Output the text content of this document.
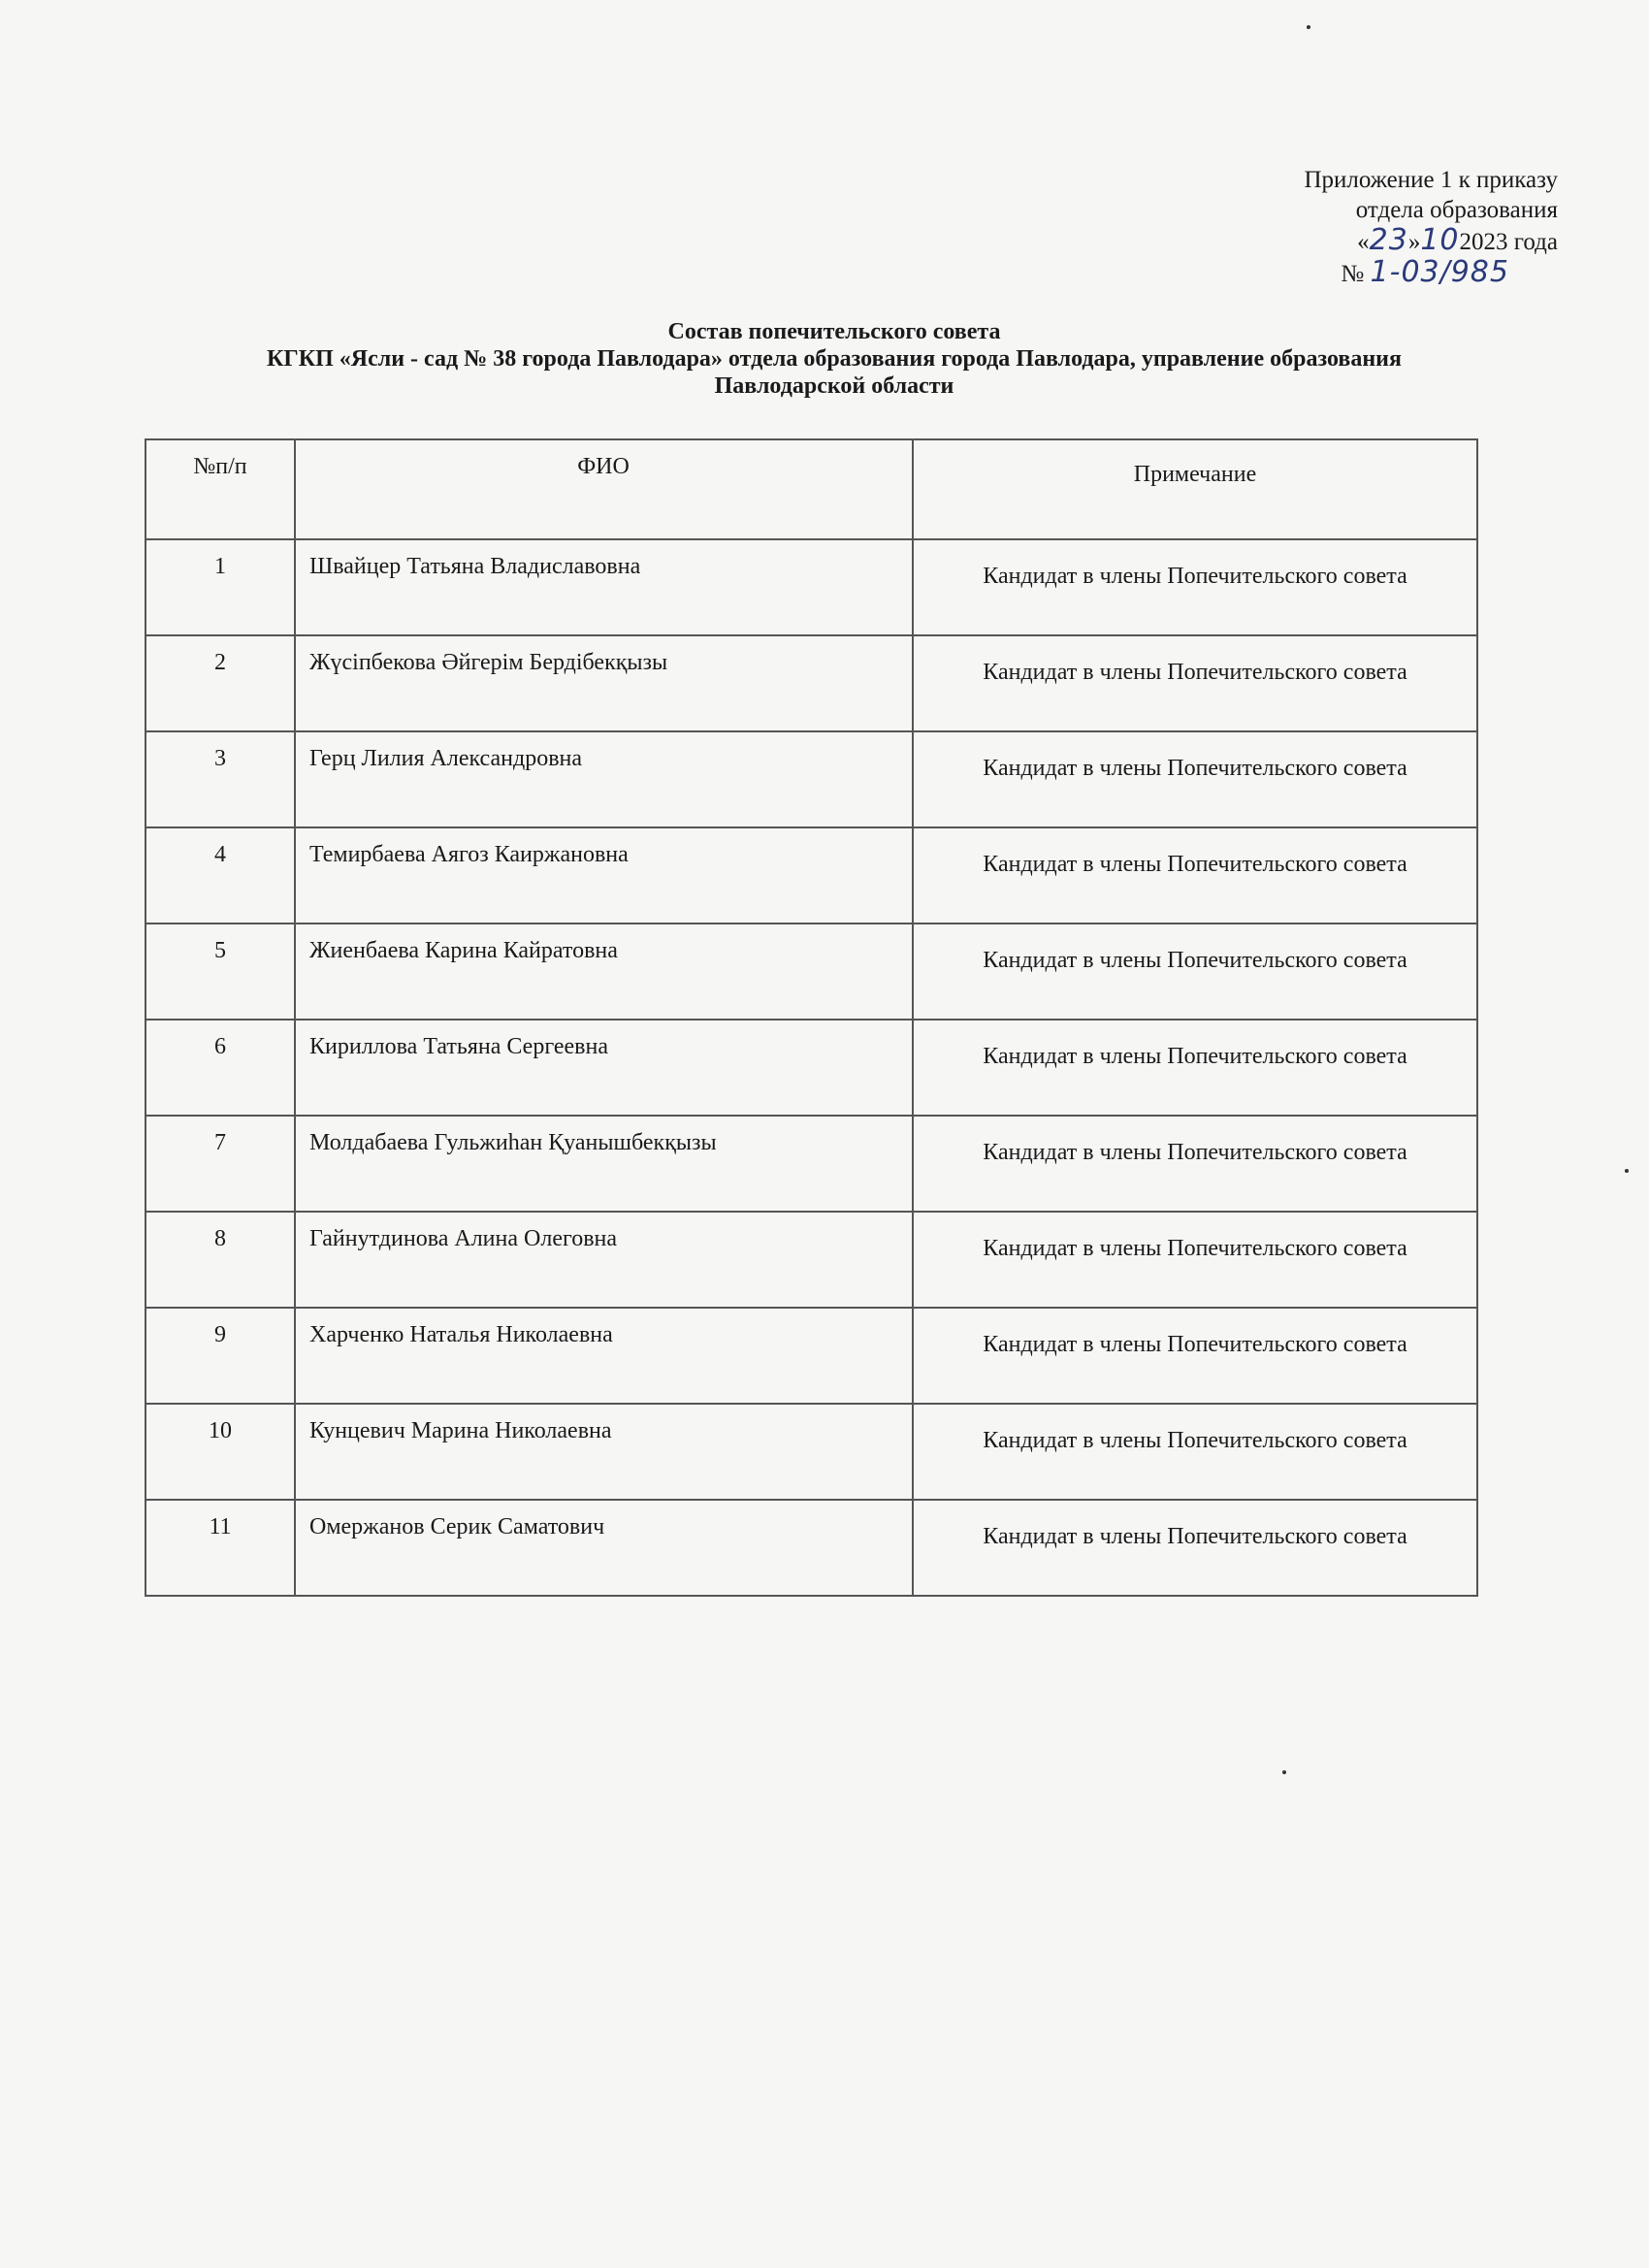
Приложение 1 к приказу
отдела образования
«23»102023 года
№ 1-03/985
Состав попечительского совета
КГКП «Ясли - сад № 38 города Павлодара» отдела образования города Павлодара, управление образования
Павлодарской области
№п/п	ФИО	Примечание
1	Швайцер Татьяна Владиславовна	Кандидат в члены Попечительского совета
2	Жүсіпбекова Әйгерім Бердібекқызы	Кандидат в члены Попечительского совета
3	Герц Лилия Александровна	Кандидат в члены Попечительского совета
4	Темирбаева Аягоз Каиржановна	Кандидат в члены Попечительского совета
5	Жиенбаева Карина Кайратовна	Кандидат в члены Попечительского совета
6	Кириллова Татьяна Сергеевна	Кандидат в члены Попечительского совета
7	Молдабаева Гульжиһан Қуанышбекқызы	Кандидат в члены Попечительского совета
8	Гайнутдинова Алина Олеговна	Кандидат в члены Попечительского совета
9	Харченко Наталья Николаевна	Кандидат в члены Попечительского совета
10	Кунцевич Марина Николаевна	Кандидат в члены Попечительского совета
11	Омержанов Серик Саматович	Кандидат в члены Попечительского совета
